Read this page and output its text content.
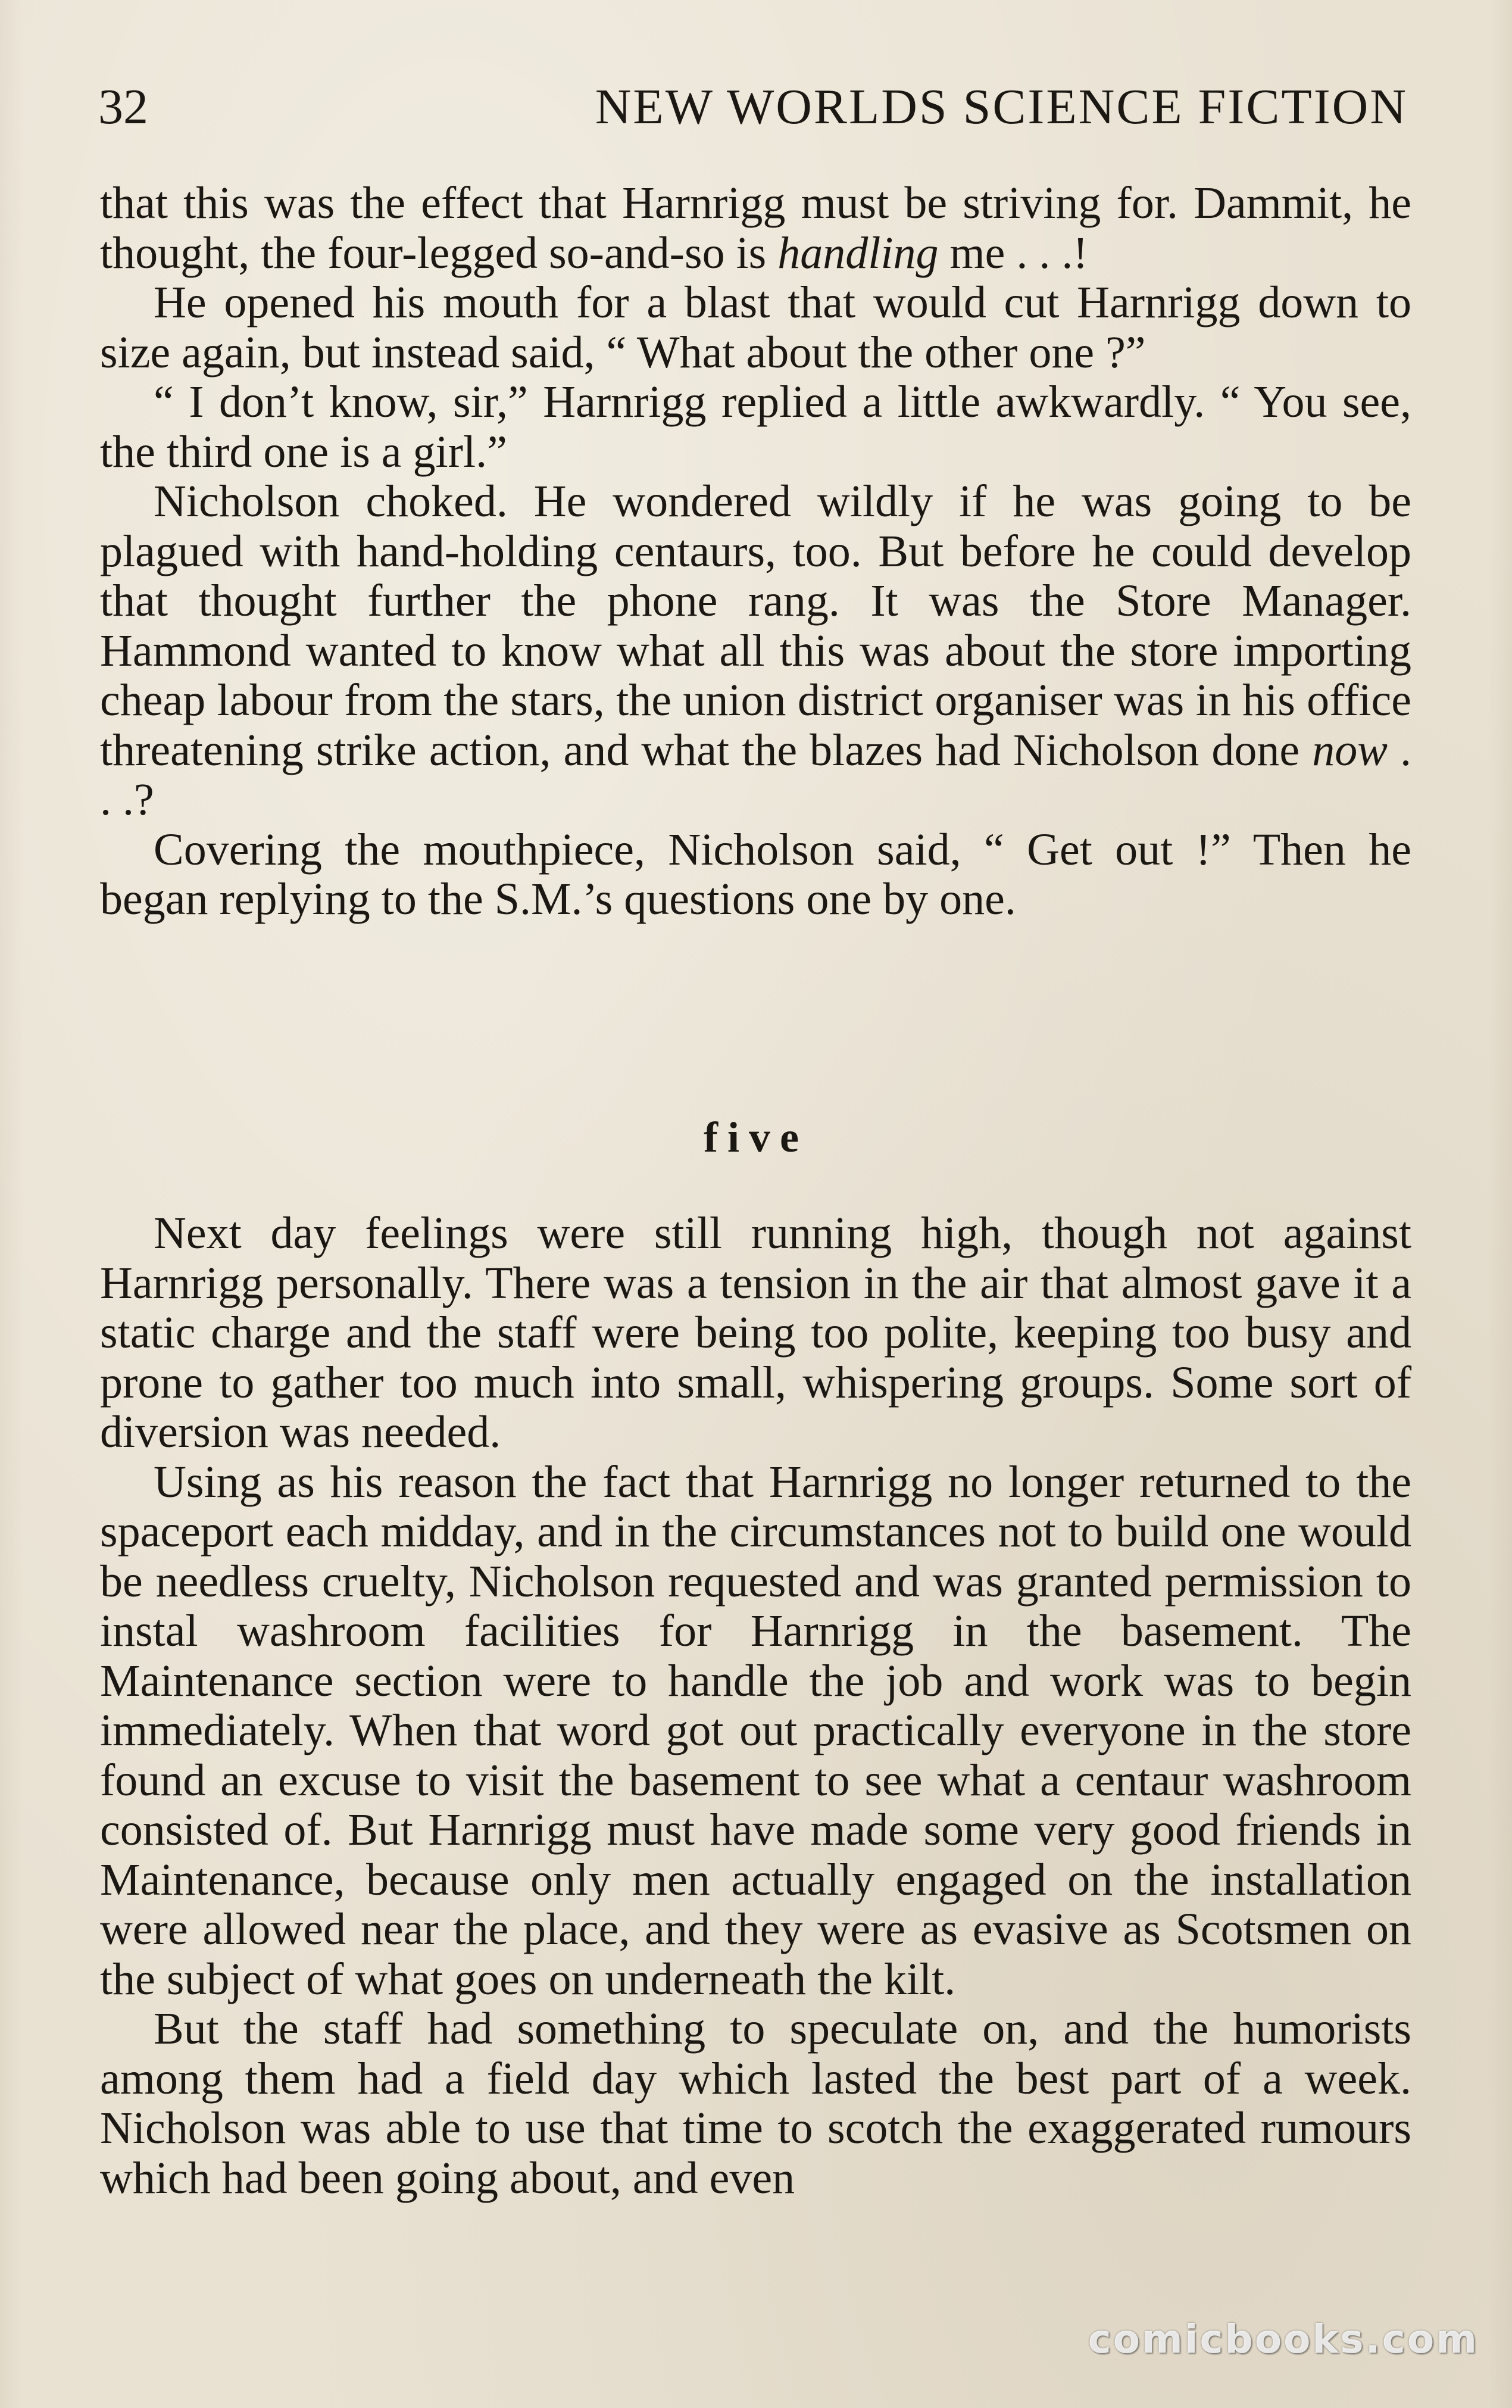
32	NEW WORLDS SCIENCE FICTION

that this was the effect that Harnrigg must be striving for. Dammit, he thought, the four-legged so-and-so is handling me . . .!

He opened his mouth for a blast that would cut Harnrigg down to size again, but instead said, “ What about the other one ?”

“ I don’t know, sir,” Harnrigg replied a little awkwardly. “ You see, the third one is a girl.”

Nicholson choked. He wondered wildly if he was going to be plagued with hand-holding centaurs, too. But before he could develop that thought further the phone rang. It was the Store Manager. Hammond wanted to know what all this was about the store importing cheap labour from the stars, the union district organiser was in his office threatening strike action, and what the blazes had Nicholson done now . . .?

Covering the mouthpiece, Nicholson said, “ Get out !” Then he began replying to the S.M.’s questions one by one.

five

Next day feelings were still running high, though not against Harnrigg personally. There was a tension in the air that almost gave it a static charge and the staff were being too polite, keeping too busy and prone to gather too much into small, whispering groups. Some sort of diversion was needed.

Using as his reason the fact that Harnrigg no longer returned to the spaceport each midday, and in the circumstances not to build one would be needless cruelty, Nicholson requested and was granted permission to instal washroom facilities for Harnrigg in the basement. The Maintenance section were to handle the job and work was to begin immediately. When that word got out practically everyone in the store found an excuse to visit the basement to see what a centaur washroom consisted of. But Harnrigg must have made some very good friends in Maintenance, because only men actually engaged on the installation were allowed near the place, and they were as evasive as Scotsmen on the subject of what goes on underneath the kilt.

But the staff had something to speculate on, and the humorists among them had a field day which lasted the best part of a week. Nicholson was able to use that time to scotch the exaggerated rumours which had been going about, and even

comicbooks.com
